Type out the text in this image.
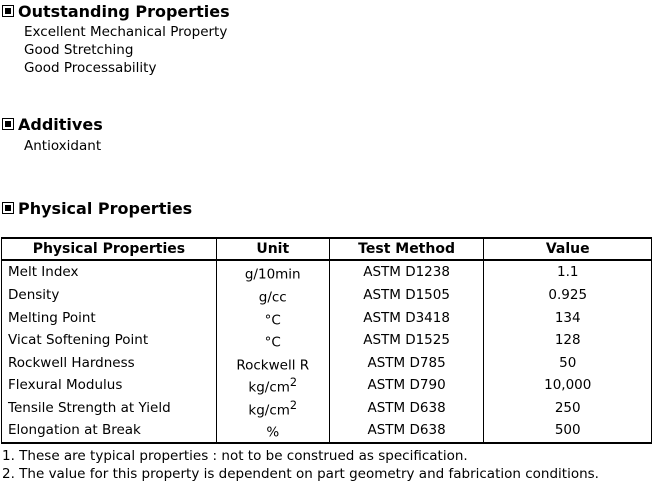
Outstanding Properties
Excellent Mechanical Property
Good Stretching
Good Processability
Additives
Antioxidant
Physical Properties
Physical Properties	Unit	Test Method	Value
Melt Index	g/10min	ASTM D1238	1.1
Density	g/cc	ASTM D1505	0.925
Melting Point	°C	ASTM D3418	134
Vicat Softening Point	°C	ASTM D1525	128
Rockwell Hardness	Rockwell R	ASTM D785	50
Flexural Modulus	$kg/cm^2$	ASTM D790	10,000
Tensile Strength at Yield	$kg/cm^2$	ASTM D638	250
Elongation at Break	%	ASTM D638	500
1. These are typical properties : not to be construed as specification.
2. The value for this property is dependent on part geometry and fabrication conditions.
